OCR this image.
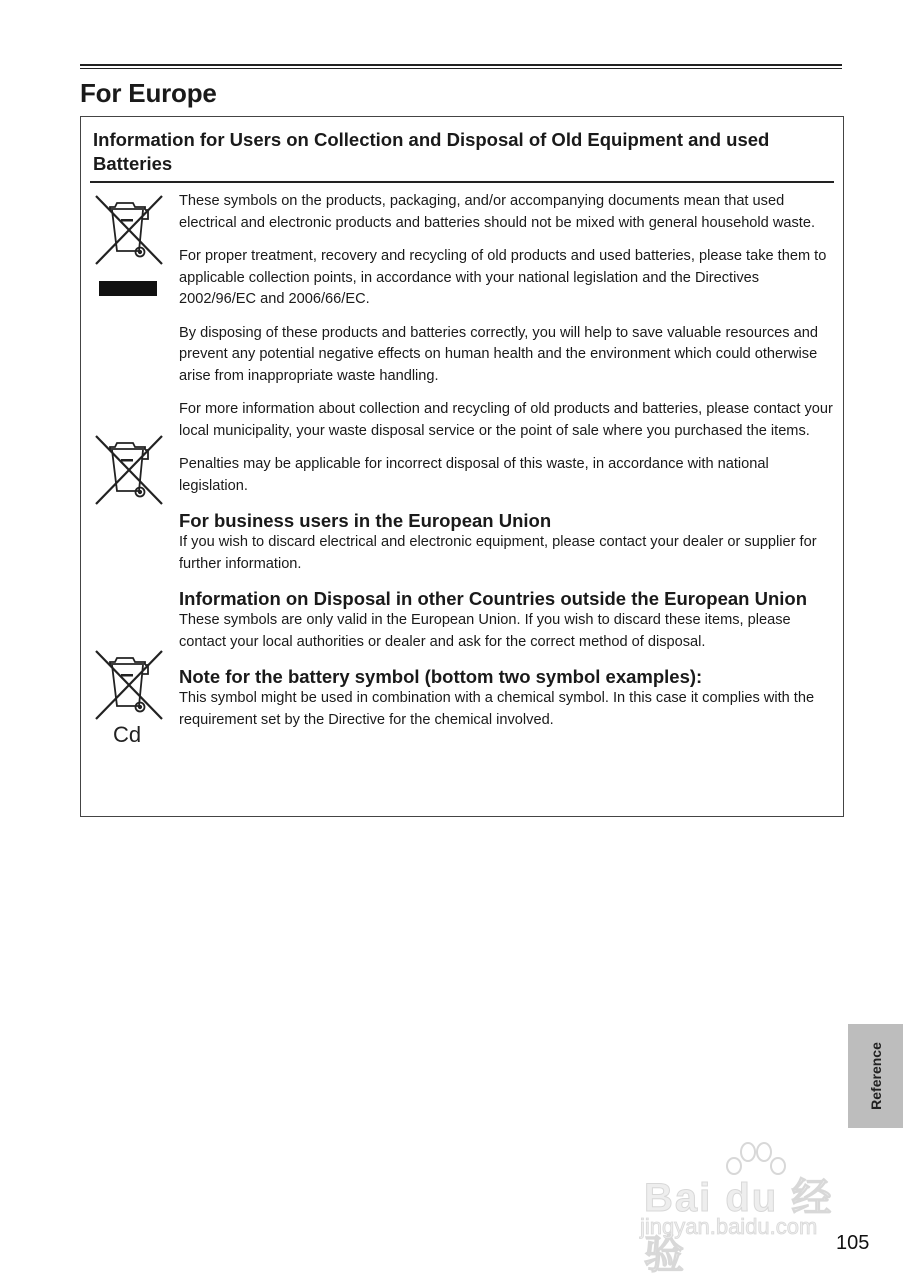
For Europe
Information for Users on Collection and Disposal of Old Equipment and used Batteries
Cd

These symbols on the products, packaging, and/or accompanying documents mean that used electrical and electronic products and batteries should not be mixed with general household waste.

For proper treatment, recovery and recycling of old products and used batteries, please take them to applicable collection points, in accordance with your national legislation and the Directives 2002/96/EC and 2006/66/EC.

By disposing of these products and batteries correctly, you will help to save valuable resources and prevent any potential negative effects on human health and the environment which could otherwise arise from inappropriate waste handling.

For more information about collection and recycling of old products and batteries, please contact your local municipality, your waste disposal service or the point of sale where you purchased the items.

Penalties may be applicable for incorrect disposal of this waste, in accordance with national legislation.

For business users in the European Union

If you wish to discard electrical and electronic equipment, please contact your dealer or supplier for further information.

Information on Disposal in other Countries outside the European Union

These symbols are only valid in the European Union. If you wish to discard these items, please contact your local authorities or dealer and ask for the correct method of disposal.

Note for the battery symbol (bottom two symbol examples):

This symbol might be used in combination with a chemical symbol. In this case it complies with the requirement set by the Directive for the chemical involved.

Reference
Bai du 经验
jingyan.baidu.com
105
